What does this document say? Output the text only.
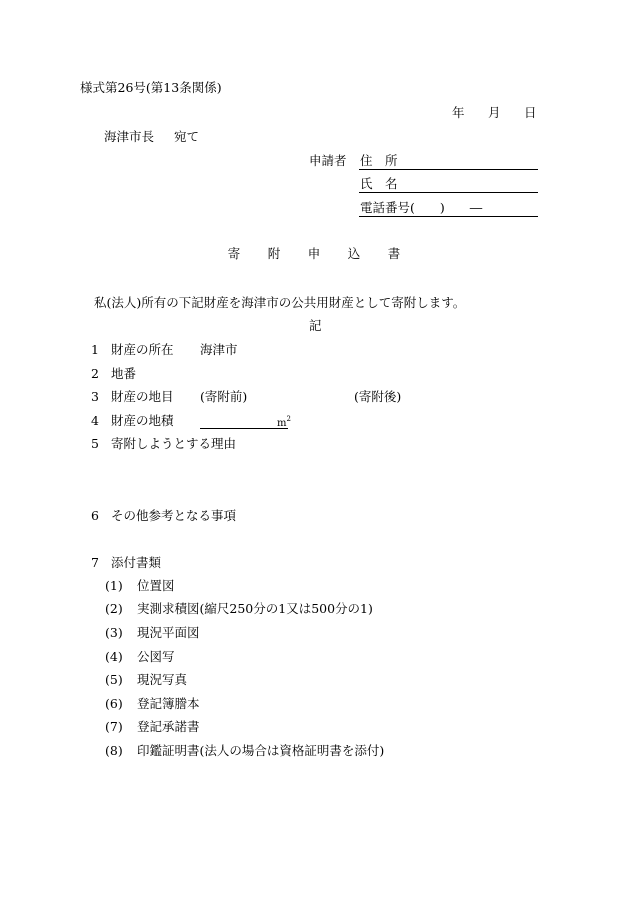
様式第26号(第13条関係)
年 月 日
海津市長 宛て
申請者 住　所
氏　名
電話番号(　　)　　―
寄 附 申 込 書
私(法人)所有の下記財産を海津市の公共用財産として寄附します。
記
1 財産の所在 海津市
2 地番
3 財産の地目 (寄附前)	(寄附後)
4 財産の地積	$m^2$
5 寄附しようとする理由
6 その他参考となる事項
7 添付書類
(1) 位置図
(2) 実測求積図(縮尺250分の1又は500分の1)
(3) 現況平面図
(4) 公図写
(5) 現況写真
(6) 登記簿謄本
(7) 登記承諾書
(8) 印鑑証明書(法人の場合は資格証明書を添付)
